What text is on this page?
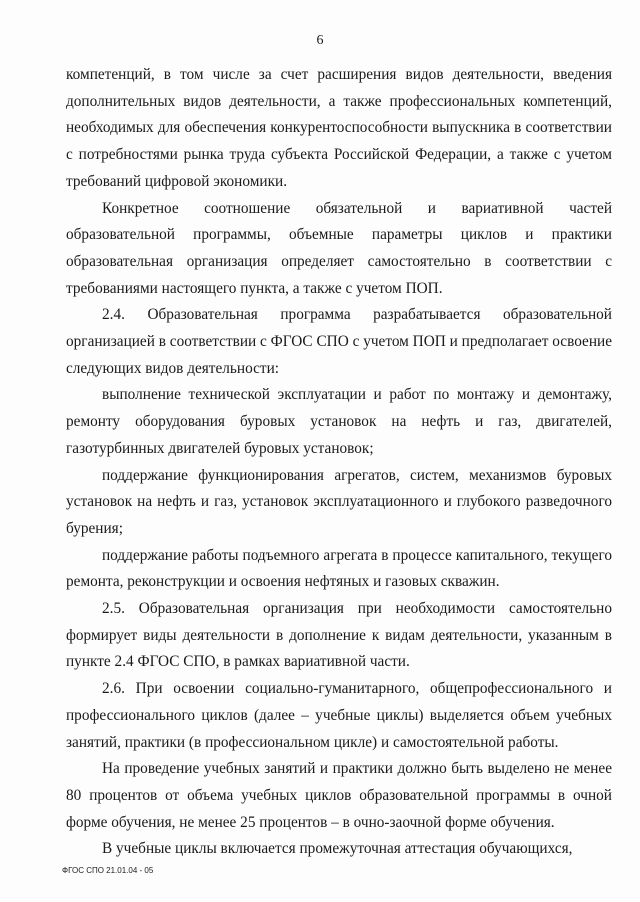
6

компетенций, в том числе за счет расширения видов деятельности, введения дополнительных видов деятельности, а также профессиональных компетенций, необходимых для обеспечения конкурентоспособности выпускника в соответствии с потребностями рынка труда субъекта Российской Федерации, а также с учетом требований цифровой экономики.

Конкретное соотношение обязательной и вариативной частей образовательной программы, объемные параметры циклов и практики образовательная организация определяет самостоятельно в соответствии с требованиями настоящего пункта, а также с учетом ПОП.

2.4. Образовательная программа разрабатывается образовательной организацией в соответствии с ФГОС СПО с учетом ПОП и предполагает освоение следующих видов деятельности:

выполнение технической эксплуатации и работ по монтажу и демонтажу, ремонту оборудования буровых установок на нефть и газ, двигателей, газотурбинных двигателей буровых установок;

поддержание функционирования агрегатов, систем, механизмов буровых установок на нефть и газ, установок эксплуатационного и глубокого разведочного бурения;

поддержание работы подъемного агрегата в процессе капитального, текущего ремонта, реконструкции и освоения нефтяных и газовых скважин.

2.5. Образовательная организация при необходимости самостоятельно формирует виды деятельности в дополнение к видам деятельности, указанным в пункте 2.4 ФГОС СПО, в рамках вариативной части.

2.6. При освоении социально-гуманитарного, общепрофессионального и профессионального циклов (далее – учебные циклы) выделяется объем учебных занятий, практики (в профессиональном цикле) и самостоятельной работы.

На проведение учебных занятий и практики должно быть выделено не менее 80 процентов от объема учебных циклов образовательной программы в очной форме обучения, не менее 25 процентов – в очно-заочной форме обучения.

В учебные циклы включается промежуточная аттестация обучающихся,

ФГОС СПО 21.01.04 - 05
